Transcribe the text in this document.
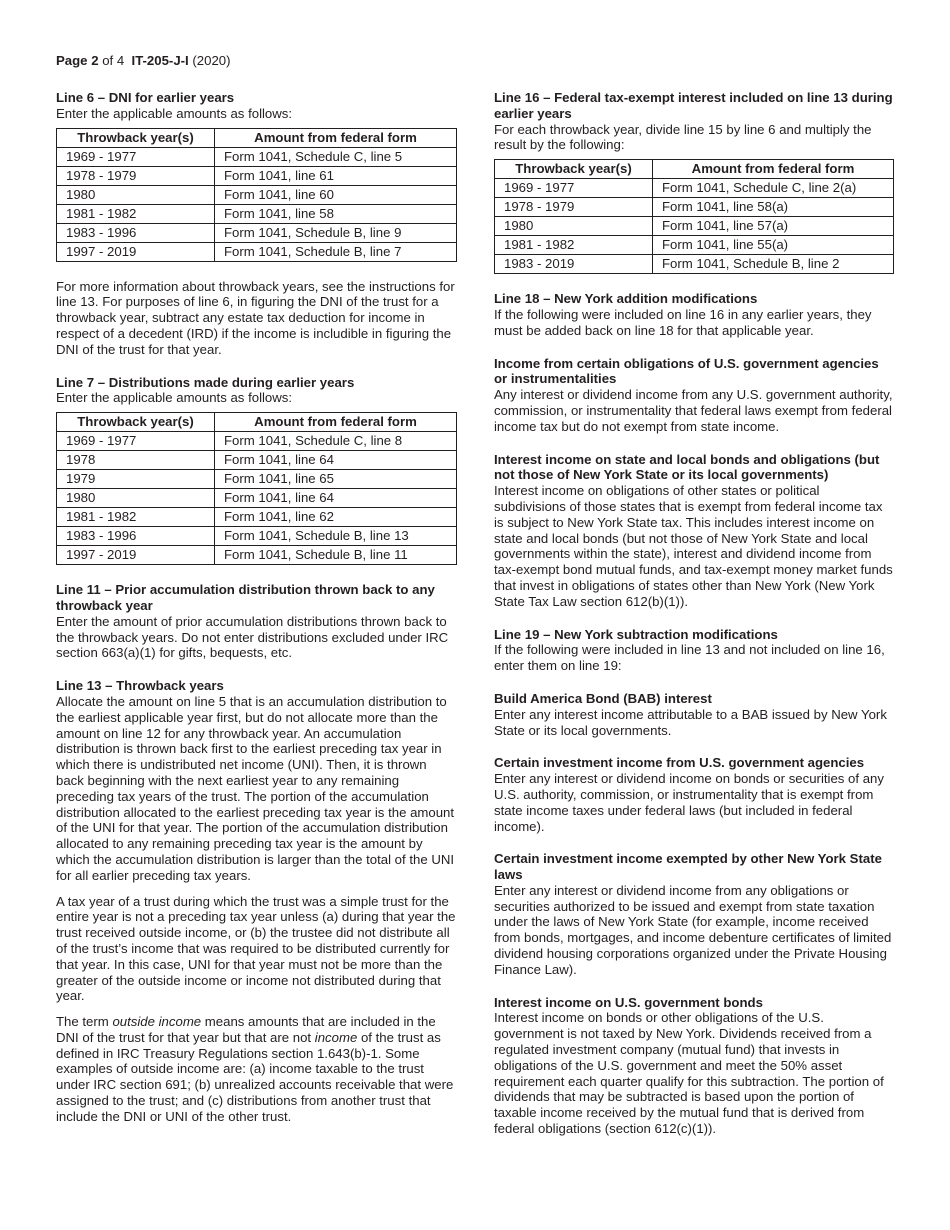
Page 2 of 4 IT-205-J-I (2020)

Line 6 – DNI for earlier years

Enter the applicable amounts as follows:

Throwback year(s)	Amount from federal form
1969 - 1977	Form 1041, Schedule C, line 5
1978 - 1979	Form 1041, line 61
1980	Form 1041, line 60
1981 - 1982	Form 1041, line 58
1983 - 1996	Form 1041, Schedule B, line 9
1997 - 2019	Form 1041, Schedule B, line 7

For more information about throwback years, see the instructions for line 13. For purposes of line 6, in figuring the DNI of the trust for a throwback year, subtract any estate tax deduction for income in respect of a decedent (IRD) if the income is includible in figuring the DNI of the trust for that year.

Line 7 – Distributions made during earlier years

Enter the applicable amounts as follows:

Throwback year(s)	Amount from federal form
1969 - 1977	Form 1041, Schedule C, line 8
1978	Form 1041, line 64
1979	Form 1041, line 65
1980	Form 1041, line 64
1981 - 1982	Form 1041, line 62
1983 - 1996	Form 1041, Schedule B, line 13
1997 - 2019	Form 1041, Schedule B, line 11

Line 11 – Prior accumulation distribution thrown back to any throwback year

Enter the amount of prior accumulation distributions thrown back to the throwback years. Do not enter distributions excluded under IRC section 663(a)(1) for gifts, bequests, etc.

Line 13 – Throwback years

Allocate the amount on line 5 that is an accumulation distribution to the earliest applicable year first, but do not allocate more than the amount on line 12 for any throwback year. An accumulation distribution is thrown back first to the earliest preceding tax year in which there is undistributed net income (UNI). Then, it is thrown back beginning with the next earliest year to any remaining preceding tax years of the trust. The portion of the accumulation distribution allocated to the earliest preceding tax year is the amount of the UNI for that year. The portion of the accumulation distribution allocated to any remaining preceding tax year is the amount by which the accumulation distribution is larger than the total of the UNI for all earlier preceding tax years.

A tax year of a trust during which the trust was a simple trust for the entire year is not a preceding tax year unless (a) during that year the trust received outside income, or (b) the trustee did not distribute all of the trust’s income that was required to be distributed currently for that year. In this case, UNI for that year must not be more than the greater of the outside income or income not distributed during that year.

The term outside income means amounts that are included in the DNI of the trust for that year but that are not income of the trust as defined in IRC Treasury Regulations section 1.643(b)-1. Some examples of outside income are: (a) income taxable to the trust under IRC section 691; (b) unrealized accounts receivable that were assigned to the trust; and (c) distributions from another trust that include the DNI or UNI of the other trust.

Line 16 – Federal tax-exempt interest included on line 13 during earlier years

For each throwback year, divide line 15 by line 6 and multiply the result by the following:

Throwback year(s)	Amount from federal form
1969 - 1977	Form 1041, Schedule C, line 2(a)
1978 - 1979	Form 1041, line 58(a)
1980	Form 1041, line 57(a)
1981 - 1982	Form 1041, line 55(a)
1983 - 2019	Form 1041, Schedule B, line 2

Line 18 – New York addition modifications

If the following were included on line 16 in any earlier years, they must be added back on line 18 for that applicable year.

Income from certain obligations of U.S. government agencies or instrumentalities

Any interest or dividend income from any U.S. government authority, commission, or instrumentality that federal laws exempt from federal income tax but do not exempt from state income.

Interest income on state and local bonds and obligations (but not those of New York State or its local governments)

Interest income on obligations of other states or political subdivisions of those states that is exempt from federal income tax is subject to New York State tax. This includes interest income on state and local bonds (but not those of New York State and local governments within the state), interest and dividend income from tax-exempt bond mutual funds, and tax-exempt money market funds that invest in obligations of states other than New York (New York State Tax Law section 612(b)(1)).

Line 19 – New York subtraction modifications

If the following were included in line 13 and not included on line 16, enter them on line 19:

Build America Bond (BAB) interest

Enter any interest income attributable to a BAB issued by New York State or its local governments.

Certain investment income from U.S. government agencies

Enter any interest or dividend income on bonds or securities of any U.S. authority, commission, or instrumentality that is exempt from state income taxes under federal laws (but included in federal income).

Certain investment income exempted by other New York State laws

Enter any interest or dividend income from any obligations or securities authorized to be issued and exempt from state taxation under the laws of New York State (for example, income received from bonds, mortgages, and income debenture certificates of limited dividend housing corporations organized under the Private Housing Finance Law).

Interest income on U.S. government bonds

Interest income on bonds or other obligations of the U.S. government is not taxed by New York. Dividends received from a regulated investment company (mutual fund) that invests in obligations of the U.S. government and meet the 50% asset requirement each quarter qualify for this subtraction. The portion of dividends that may be subtracted is based upon the portion of taxable income received by the mutual fund that is derived from federal obligations (section 612(c)(1)).
